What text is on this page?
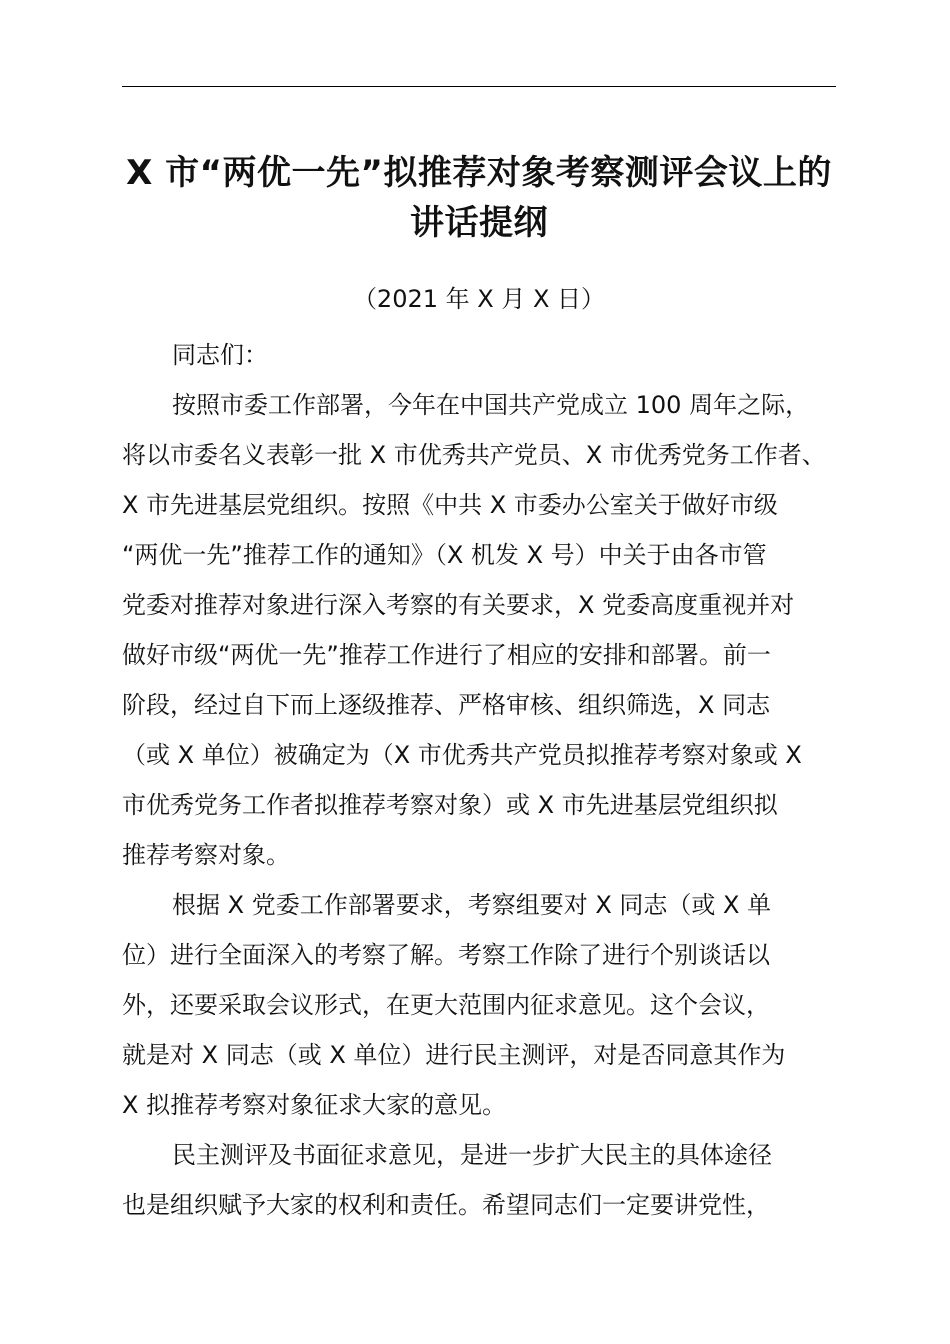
X 市“两优一先”拟推荐对象考察测评会议上的
讲话提纲
（2021 年 X 月 X 日）
同志们：
按照市委工作部署，今年在中国共产党成立 100 周年之际，
将以市委名义表彰一批 X 市优秀共产党员、X 市优秀党务工作者、
X 市先进基层党组织。按照《中共 X 市委办公室关于做好市级
“两优一先”推荐工作的通知》（X 机发 X 号）中关于由各市管
党委对推荐对象进行深入考察的有关要求，X 党委高度重视并对
做好市级“两优一先”推荐工作进行了相应的安排和部署。前一
阶段，经过自下而上逐级推荐、严格审核、组织筛选，X 同志
（或 X 单位）被确定为（X 市优秀共产党员拟推荐考察对象或 X
市优秀党务工作者拟推荐考察对象）或 X 市先进基层党组织拟
推荐考察对象。
根据 X 党委工作部署要求，考察组要对 X 同志（或 X 单
位）进行全面深入的考察了解。考察工作除了进行个别谈话以
外，还要采取会议形式，在更大范围内征求意见。这个会议，
就是对 X 同志（或 X 单位）进行民主测评，对是否同意其作为
X 拟推荐考察对象征求大家的意见。
民主测评及书面征求意见，是进一步扩大民主的具体途径
也是组织赋予大家的权利和责任。希望同志们一定要讲党性，
